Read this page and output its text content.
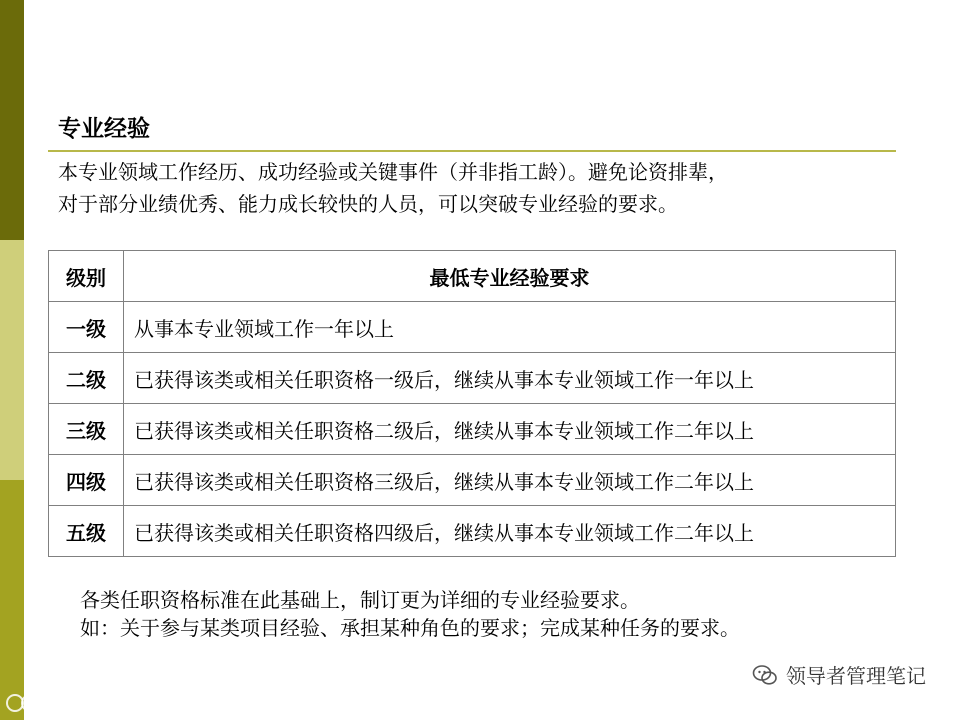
专业经验

本专业领域工作经历、成功经验或关键事件（并非指工龄）。避免论资排辈，

对于部分业绩优秀、能力成长较快的人员，可以突破专业经验的要求。

级别	最低专业经验要求
一级	从事本专业领域工作一年以上
二级	已获得该类或相关任职资格一级后，继续从事本专业领域工作一年以上
三级	已获得该类或相关任职资格二级后，继续从事本专业领域工作二年以上
四级	已获得该类或相关任职资格三级后，继续从事本专业领域工作二年以上
五级	已获得该类或相关任职资格四级后，继续从事本专业领域工作二年以上

各类任职资格标准在此基础上，制订更为详细的专业经验要求。

如：关于参与某类项目经验、承担某种角色的要求；完成某种任务的要求。

领导者管理笔记
大数跨境
